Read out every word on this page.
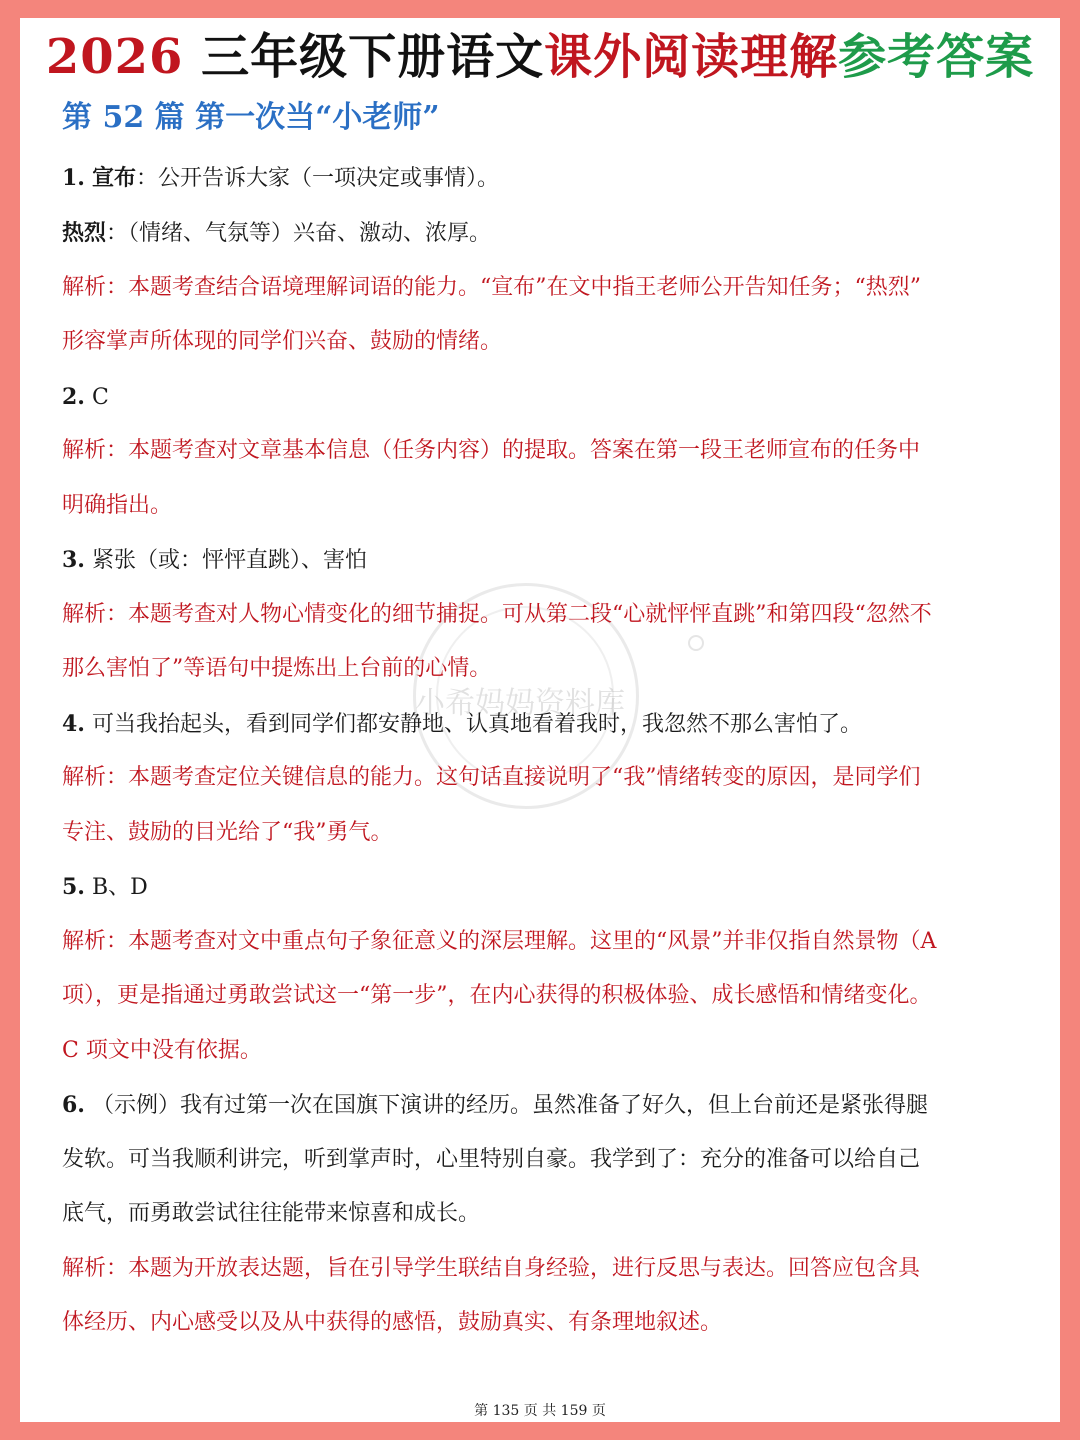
2026 三年级下册语文课外阅读理解参考答案
第 52 篇 第一次当“小老师”
小希妈妈资料库
1. 宣布：公开告诉大家（一项决定或事情）。
热烈：（情绪、气氛等）兴奋、激动、浓厚。
解析：本题考查结合语境理解词语的能力。“宣布”在文中指王老师公开告知任务；“热烈”
形容掌声所体现的同学们兴奋、鼓励的情绪。
2. C
解析：本题考查对文章基本信息（任务内容）的提取。答案在第一段王老师宣布的任务中
明确指出。
3. 紧张（或：怦怦直跳）、害怕
解析：本题考查对人物心情变化的细节捕捉。可从第二段“心就怦怦直跳”和第四段“忽然不
那么害怕了”等语句中提炼出上台前的心情。
4. 可当我抬起头，看到同学们都安静地、认真地看着我时，我忽然不那么害怕了。
解析：本题考查定位关键信息的能力。这句话直接说明了“我”情绪转变的原因，是同学们
专注、鼓励的目光给了“我”勇气。
5. B、D
解析：本题考查对文中重点句子象征意义的深层理解。这里的“风景”并非仅指自然景物（A
项），更是指通过勇敢尝试这一“第一步”，在内心获得的积极体验、成长感悟和情绪变化。
C 项文中没有依据。
6. （示例）我有过第一次在国旗下演讲的经历。虽然准备了好久，但上台前还是紧张得腿
发软。可当我顺利讲完，听到掌声时，心里特别自豪。我学到了：充分的准备可以给自己
底气，而勇敢尝试往往能带来惊喜和成长。
解析：本题为开放表达题，旨在引导学生联结自身经验，进行反思与表达。回答应包含具
体经历、内心感受以及从中获得的感悟，鼓励真实、有条理地叙述。
第 135 页 共 159 页
